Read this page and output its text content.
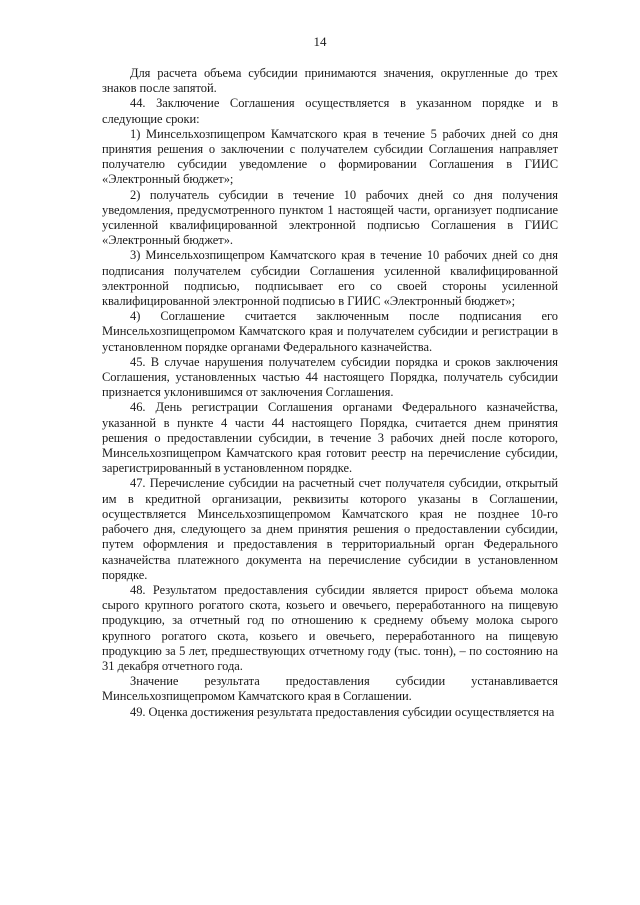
14

Для расчета объема субсидии принимаются значения, округленные до трех знаков после запятой.

44. Заключение Соглашения осуществляется в указанном порядке и в следующие сроки:

1) Минсельхозпищепром Камчатского края в течение 5 рабочих дней со дня принятия решения о заключении с получателем субсидии Соглашения направляет получателю субсидии уведомление о формировании Соглашения в ГИИС «Электронный бюджет»;

2) получатель субсидии в течение 10 рабочих дней со дня получения уведомления, предусмотренного пунктом 1 настоящей части, организует подписание усиленной квалифицированной электронной подписью Соглашения в ГИИС «Электронный бюджет».

3) Минсельхозпищепром Камчатского края в течение 10 рабочих дней со дня подписания получателем субсидии Соглашения усиленной квалифицированной электронной подписью, подписывает его со своей стороны усиленной квалифицированной электронной подписью в ГИИС «Электронный бюджет»;

4) Соглашение считается заключенным после подписания его Минсельхозпищепромом Камчатского края и получателем субсидии и регистрации в установленном порядке органами Федерального казначейства.

45. В случае нарушения получателем субсидии порядка и сроков заключения Соглашения, установленных частью 44 настоящего Порядка, получатель субсидии признается уклонившимся от заключения Соглашения.

46. День регистрации Соглашения органами Федерального казначейства, указанной в пункте 4 части 44 настоящего Порядка, считается днем принятия решения о предоставлении субсидии, в течение 3 рабочих дней после которого, Минсельхозпищепром Камчатского края готовит реестр на перечисление субсидии, зарегистрированный в установленном порядке.

47. Перечисление субсидии на расчетный счет получателя субсидии, открытый им в кредитной организации, реквизиты которого указаны в Соглашении, осуществляется Минсельхозпищепромом Камчатского края не позднее 10-го рабочего дня, следующего за днем принятия решения о предоставлении субсидии, путем оформления и предоставления в территориальный орган Федерального казначейства платежного документа на перечисление субсидии в установленном порядке.

48. Результатом предоставления субсидии является прирост объема молока сырого крупного рогатого скота, козьего и овечьего, переработанного на пищевую продукцию, за отчетный год по отношению к среднему объему молока сырого крупного рогатого скота, козьего и овечьего, переработанного на пищевую продукцию за 5 лет, предшествующих отчетному году (тыс. тонн), – по состоянию на 31 декабря отчетного года.

Значение результата предоставления субсидии устанавливается Минсельхозпищепромом Камчатского края в Соглашении.

49. Оценка достижения результата предоставления субсидии осуществляется на
